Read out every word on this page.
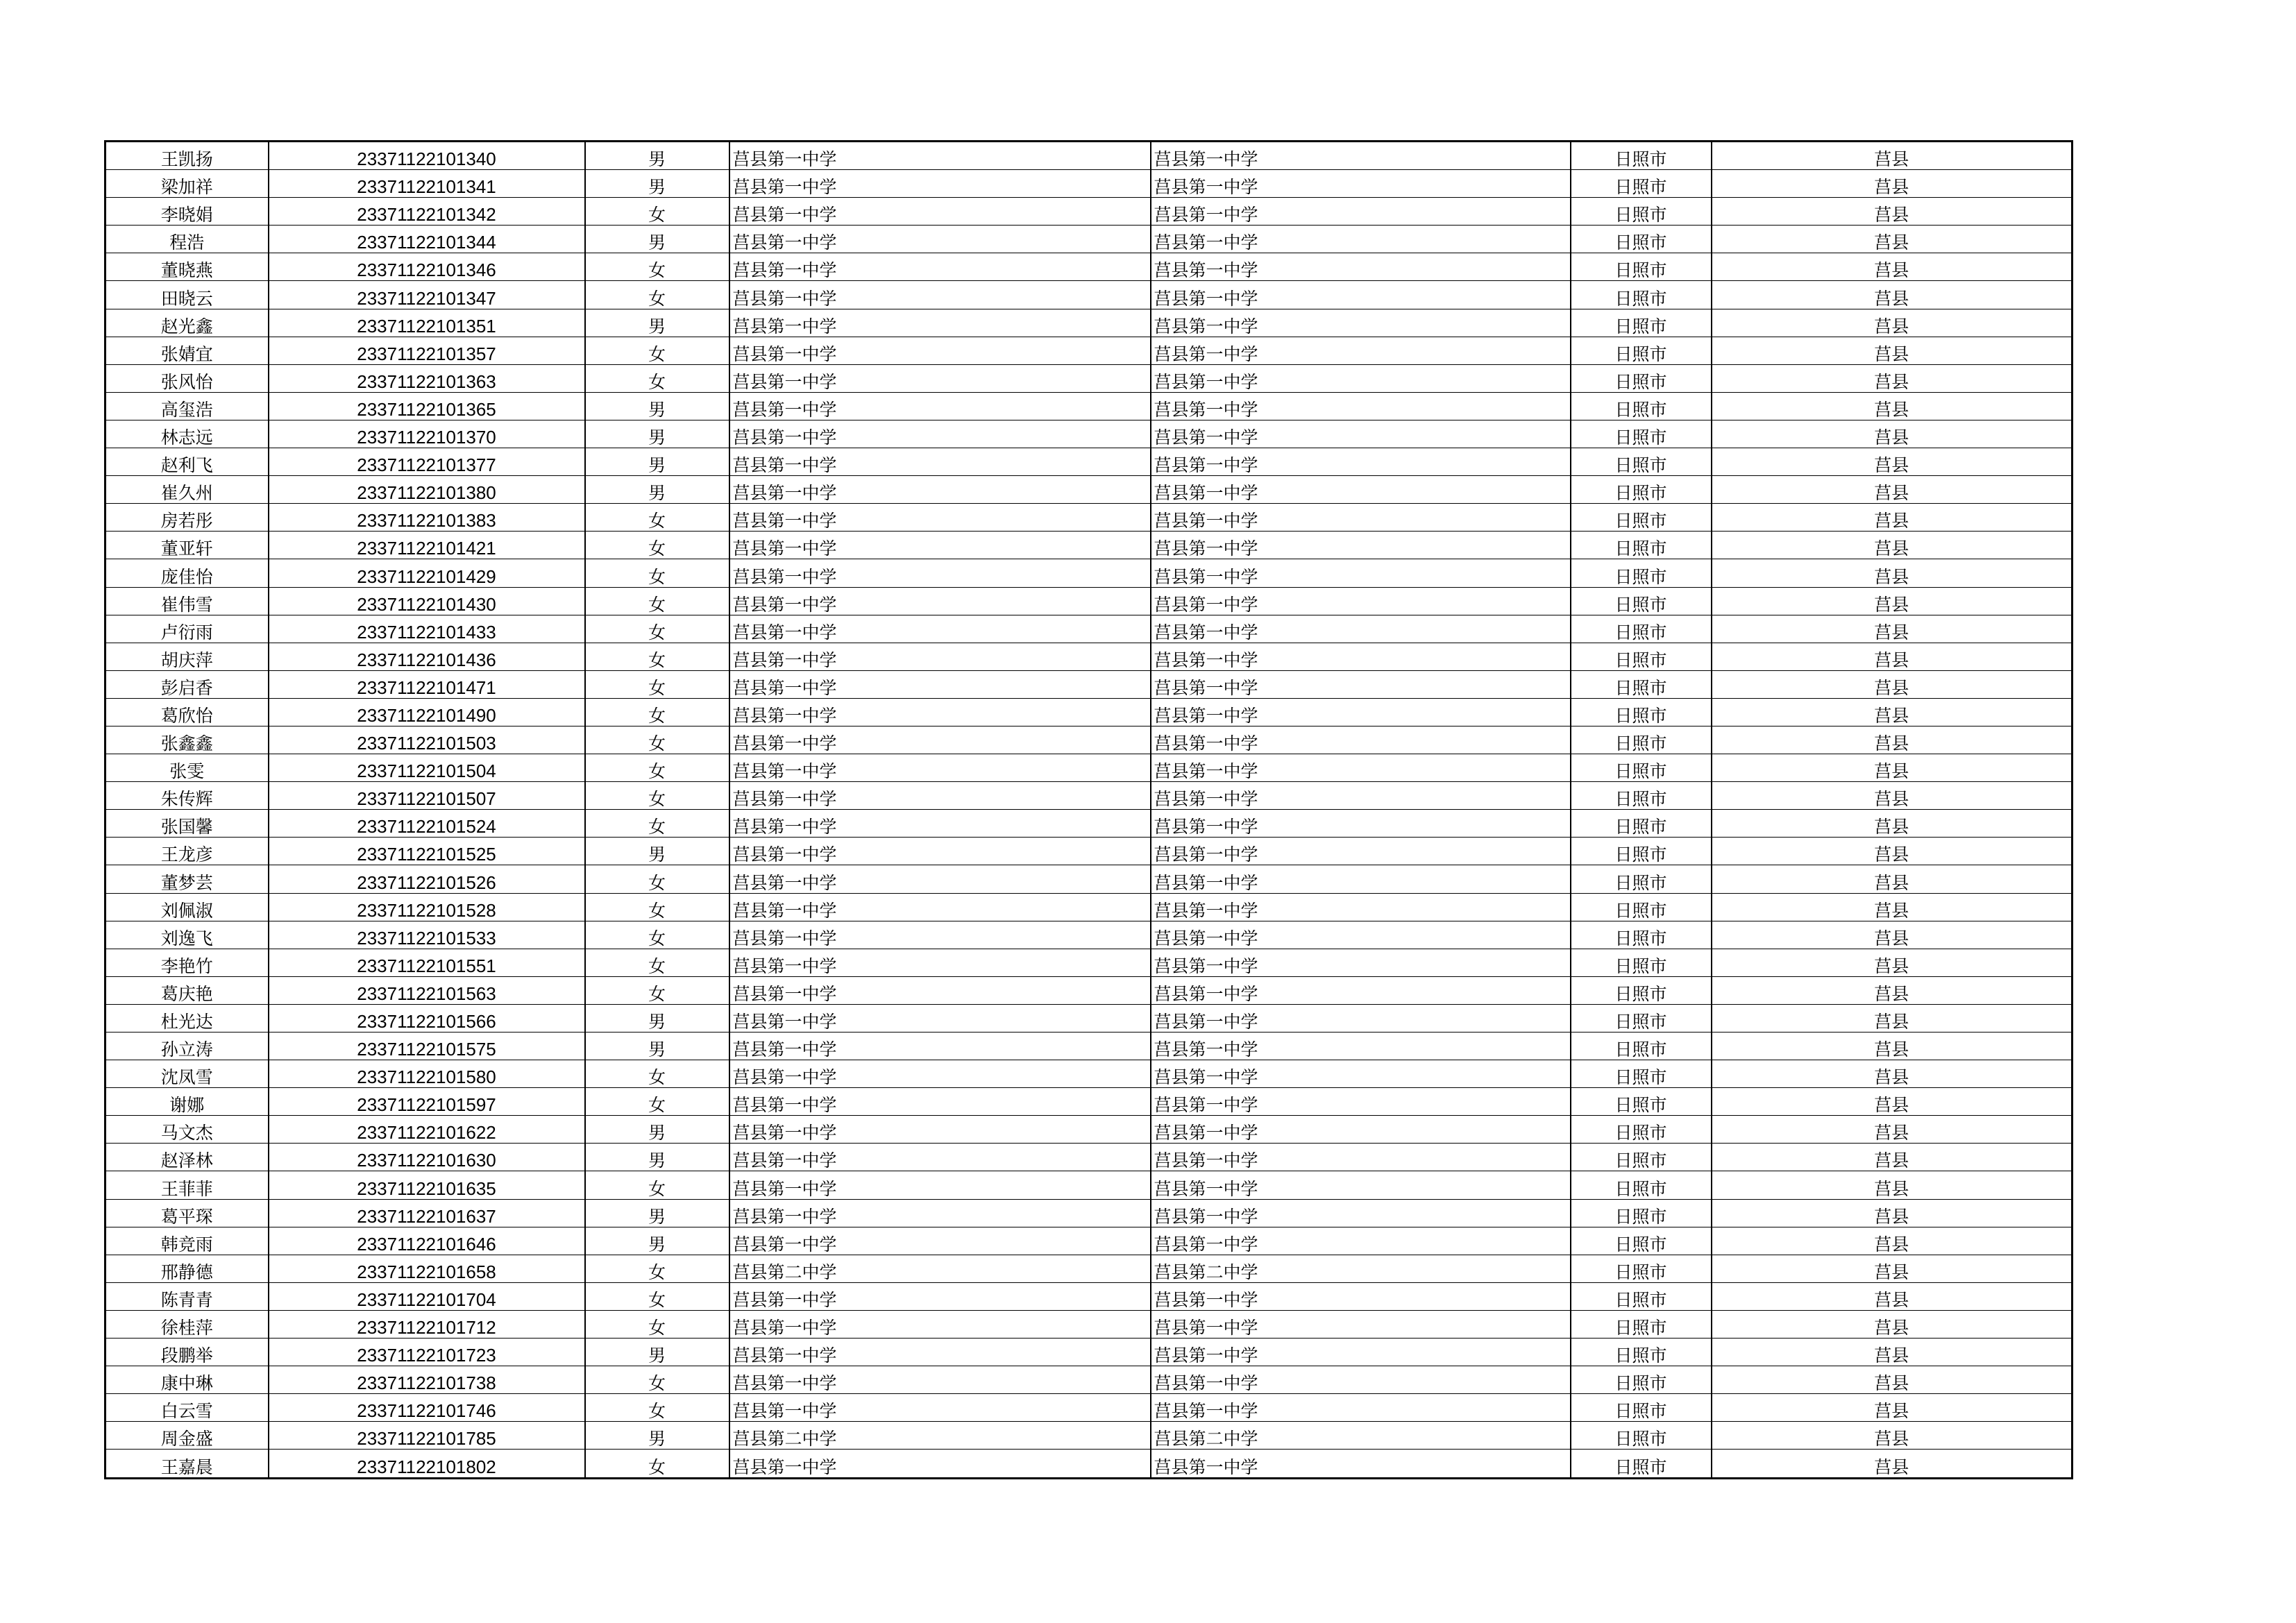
王凯扬	23371122101340	男	莒县第一中学	莒县第一中学	日照市	莒县
梁加祥	23371122101341	男	莒县第一中学	莒县第一中学	日照市	莒县
李晓娟	23371122101342	女	莒县第一中学	莒县第一中学	日照市	莒县
程浩	23371122101344	男	莒县第一中学	莒县第一中学	日照市	莒县
董晓燕	23371122101346	女	莒县第一中学	莒县第一中学	日照市	莒县
田晓云	23371122101347	女	莒县第一中学	莒县第一中学	日照市	莒县
赵光鑫	23371122101351	男	莒县第一中学	莒县第一中学	日照市	莒县
张婧宜	23371122101357	女	莒县第一中学	莒县第一中学	日照市	莒县
张风怡	23371122101363	女	莒县第一中学	莒县第一中学	日照市	莒县
高玺浩	23371122101365	男	莒县第一中学	莒县第一中学	日照市	莒县
林志远	23371122101370	男	莒县第一中学	莒县第一中学	日照市	莒县
赵利飞	23371122101377	男	莒县第一中学	莒县第一中学	日照市	莒县
崔久州	23371122101380	男	莒县第一中学	莒县第一中学	日照市	莒县
房若彤	23371122101383	女	莒县第一中学	莒县第一中学	日照市	莒县
董亚轩	23371122101421	女	莒县第一中学	莒县第一中学	日照市	莒县
庞佳怡	23371122101429	女	莒县第一中学	莒县第一中学	日照市	莒县
崔伟雪	23371122101430	女	莒县第一中学	莒县第一中学	日照市	莒县
卢衍雨	23371122101433	女	莒县第一中学	莒县第一中学	日照市	莒县
胡庆萍	23371122101436	女	莒县第一中学	莒县第一中学	日照市	莒县
彭启香	23371122101471	女	莒县第一中学	莒县第一中学	日照市	莒县
葛欣怡	23371122101490	女	莒县第一中学	莒县第一中学	日照市	莒县
张鑫鑫	23371122101503	女	莒县第一中学	莒县第一中学	日照市	莒县
张雯	23371122101504	女	莒县第一中学	莒县第一中学	日照市	莒县
朱传辉	23371122101507	女	莒县第一中学	莒县第一中学	日照市	莒县
张国馨	23371122101524	女	莒县第一中学	莒县第一中学	日照市	莒县
王龙彦	23371122101525	男	莒县第一中学	莒县第一中学	日照市	莒县
董梦芸	23371122101526	女	莒县第一中学	莒县第一中学	日照市	莒县
刘佩淑	23371122101528	女	莒县第一中学	莒县第一中学	日照市	莒县
刘逸飞	23371122101533	女	莒县第一中学	莒县第一中学	日照市	莒县
李艳竹	23371122101551	女	莒县第一中学	莒县第一中学	日照市	莒县
葛庆艳	23371122101563	女	莒县第一中学	莒县第一中学	日照市	莒县
杜光达	23371122101566	男	莒县第一中学	莒县第一中学	日照市	莒县
孙立涛	23371122101575	男	莒县第一中学	莒县第一中学	日照市	莒县
沈凤雪	23371122101580	女	莒县第一中学	莒县第一中学	日照市	莒县
谢娜	23371122101597	女	莒县第一中学	莒县第一中学	日照市	莒县
马文杰	23371122101622	男	莒县第一中学	莒县第一中学	日照市	莒县
赵泽林	23371122101630	男	莒县第一中学	莒县第一中学	日照市	莒县
王菲菲	23371122101635	女	莒县第一中学	莒县第一中学	日照市	莒县
葛平琛	23371122101637	男	莒县第一中学	莒县第一中学	日照市	莒县
韩竞雨	23371122101646	男	莒县第一中学	莒县第一中学	日照市	莒县
邢静德	23371122101658	女	莒县第二中学	莒县第二中学	日照市	莒县
陈青青	23371122101704	女	莒县第一中学	莒县第一中学	日照市	莒县
徐桂萍	23371122101712	女	莒县第一中学	莒县第一中学	日照市	莒县
段鹏举	23371122101723	男	莒县第一中学	莒县第一中学	日照市	莒县
康中琳	23371122101738	女	莒县第一中学	莒县第一中学	日照市	莒县
白云雪	23371122101746	女	莒县第一中学	莒县第一中学	日照市	莒县
周金盛	23371122101785	男	莒县第二中学	莒县第二中学	日照市	莒县
王嘉晨	23371122101802	女	莒县第一中学	莒县第一中学	日照市	莒县
